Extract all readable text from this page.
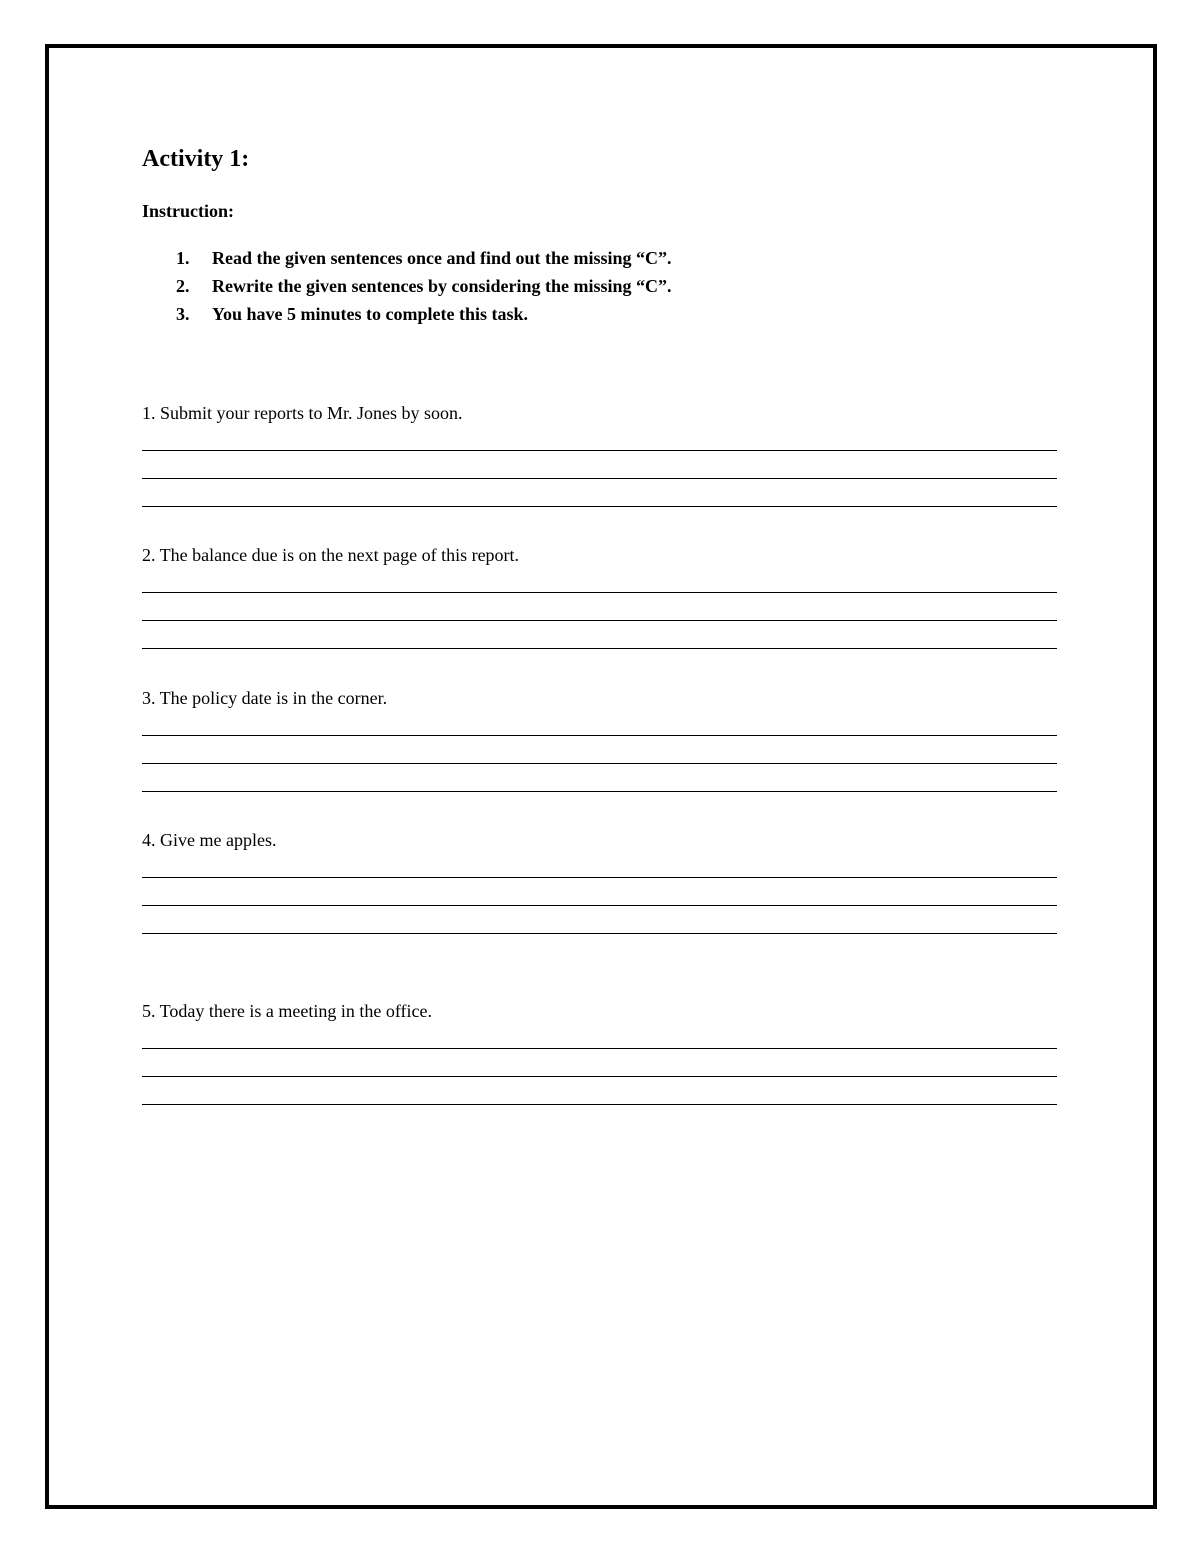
Activity 1:
Instruction:
1. Read the given sentences once and find out the missing “C”.
2. Rewrite the given sentences by considering the missing “C”.
3. You have 5 minutes to complete this task.
1. Submit your reports to Mr. Jones by soon.
2. The balance due is on the next page of this report.
3. The policy date is in the corner.
4. Give me apples.
5. Today there is a meeting in the office.
